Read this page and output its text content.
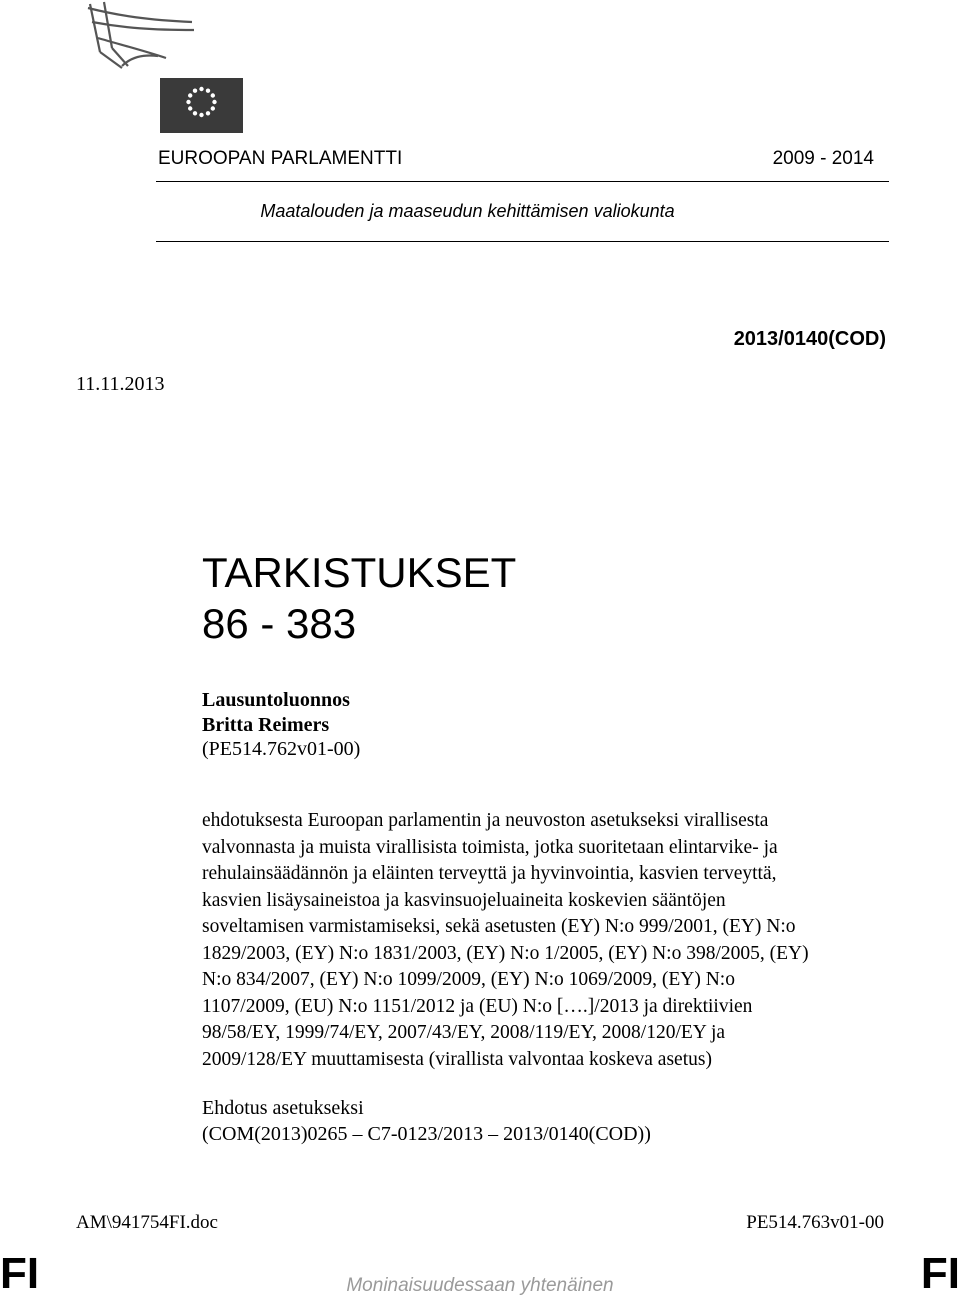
EUROOPAN PARLAMENTTI	2009 - 2014
Maatalouden ja maaseudun kehittämisen valiokunta
2013/0140(COD)
11.11.2013
TARKISTUKSET
86 - 383
Lausuntoluonnos
Britta Reimers
(PE514.762v01-00)
ehdotuksesta Euroopan parlamentin ja neuvoston asetukseksi virallisesta
valvonnasta ja muista virallisista toimista, jotka suoritetaan elintarvike- ja
rehulainsäädännön ja eläinten terveyttä ja hyvinvointia, kasvien terveyttä,
kasvien lisäysaineistoa ja kasvinsuojeluaineita koskevien sääntöjen
soveltamisen varmistamiseksi, sekä asetusten (EY) N:o 999/2001, (EY) N:o
1829/2003, (EY) N:o 1831/2003, (EY) N:o 1/2005, (EY) N:o 398/2005, (EY)
N:o 834/2007, (EY) N:o 1099/2009, (EY) N:o 1069/2009, (EY) N:o
1107/2009, (EU) N:o 1151/2012 ja (EU) N:o [….]/2013 ja direktiivien
98/58/EY, 1999/74/EY, 2007/43/EY, 2008/119/EY, 2008/120/EY ja
2009/128/EY muuttamisesta (virallista valvontaa koskeva asetus)
Ehdotus asetukseksi
(COM(2013)0265 – C7-0123/2013 – 2013/0140(COD))
AM\941754FI.doc	PE514.763v01-00
FI	Moninaisuudessaan yhtenäinen	FI
